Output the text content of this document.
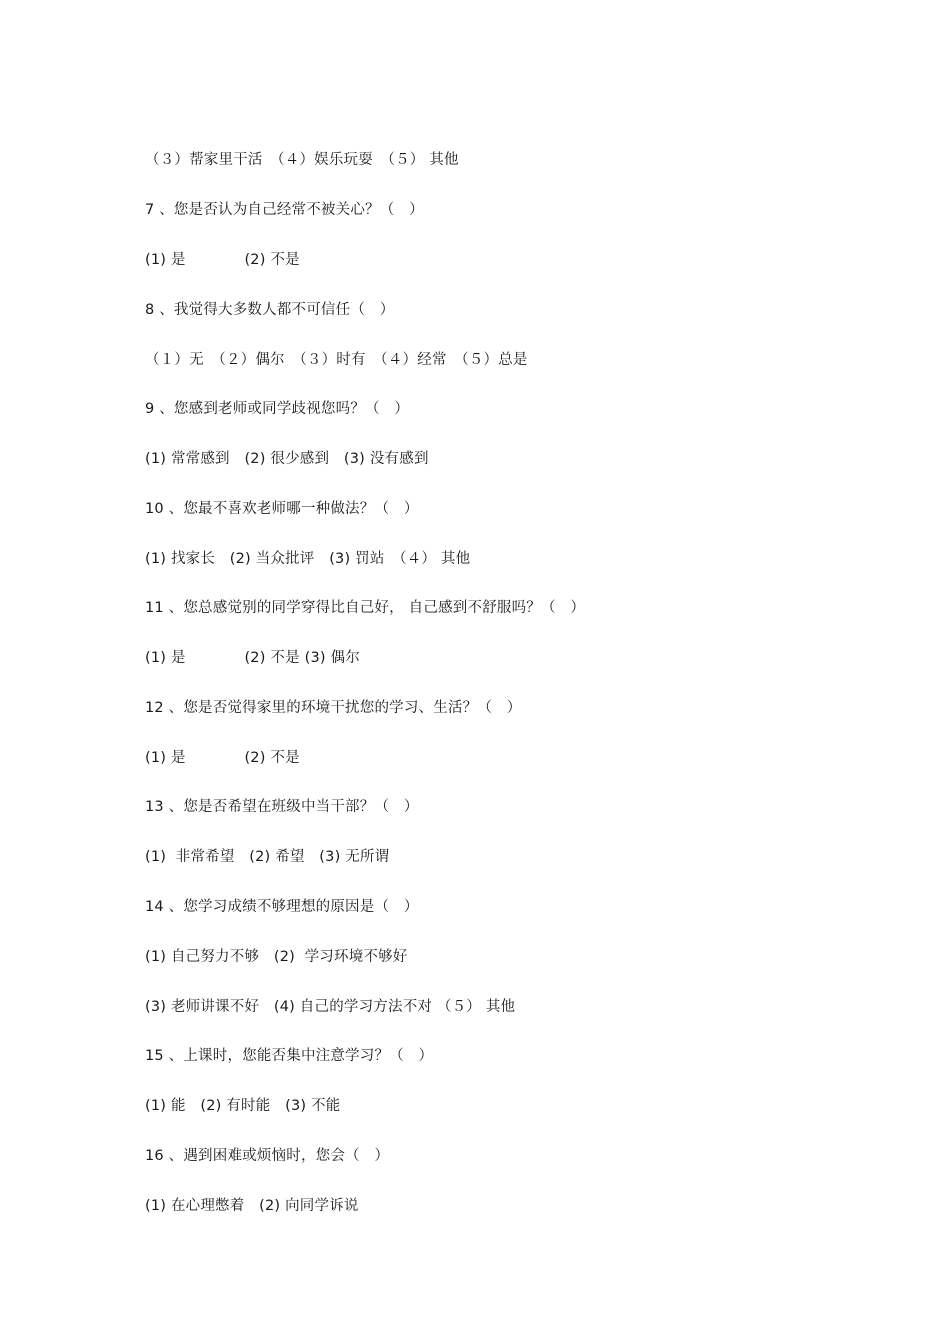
（３）帮家里干活　（４）娱乐玩耍　（５） 其他
7 、您是否认为自己经常不被关心？（　）
(1) 是　　　　(2) 不是
8 、我觉得大多数人都不可信任（　）
（１）无　（２）偶尔　（３）时有　（４）经常　（５）总是
9 、您感到老师或同学歧视您吗？（　）
(1) 常常感到　(2) 很少感到　(3) 没有感到
10 、您最不喜欢老师哪一种做法？（　）
(1) 找家长　(2) 当众批评　(3) 罚站　（４） 其他
11 、您总感觉别的同学穿得比自己好， 自己感到不舒服吗？（　）
(1) 是　　　　(2) 不是 (3) 偶尔
12 、您是否觉得家里的环境干扰您的学习、生活？（　）
(1) 是　　　　(2) 不是
13 、您是否希望在班级中当干部？（　）
(1)  非常希望　(2) 希望　(3) 无所谓
14 、您学习成绩不够理想的原因是（　）
(1) 自己努力不够　(2)  学习环境不够好
(3) 老师讲课不好　(4) 自己的学习方法不对 （５） 其他
15 、上课时，您能否集中注意学习？（　）
(1) 能　(2) 有时能　(3) 不能
16 、遇到困难或烦恼时，您会（　）
(1) 在心理憋着　(2) 向同学诉说
